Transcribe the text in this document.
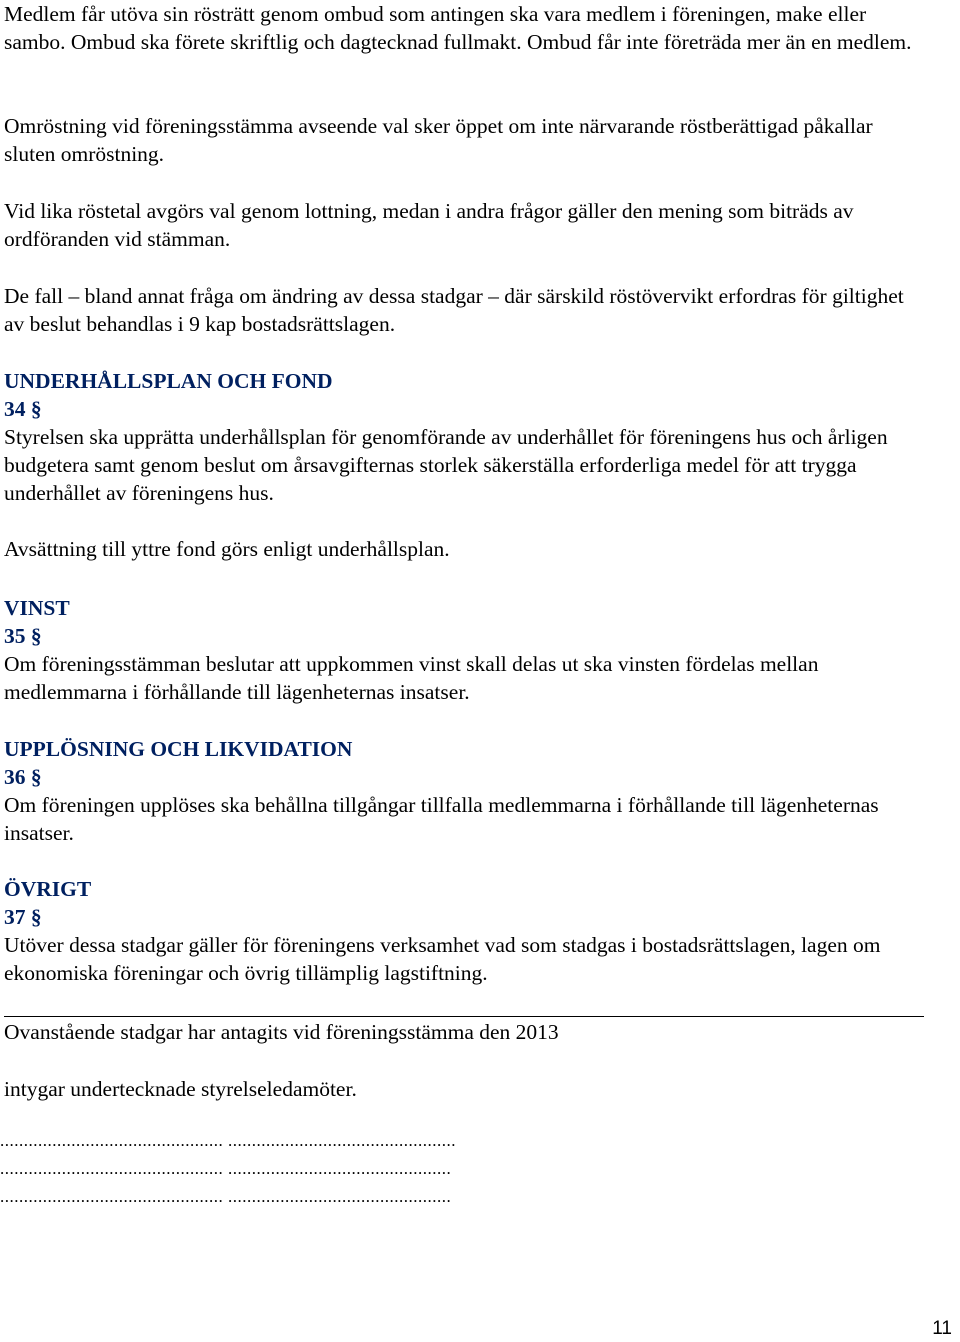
Medlem får utöva sin rösträtt genom ombud som antingen ska vara medlem i föreningen, make eller sambo. Ombud ska förete skriftlig och dagtecknad fullmakt. Ombud får inte företräda mer än en medlem.

Omröstning vid föreningsstämma avseende val sker öppet om inte närvarande röstberättigad påkallar sluten omröstning.

Vid lika röstetal avgörs val genom lottning, medan i andra frågor gäller den mening som biträds av ordföranden vid stämman.

De fall – bland annat fråga om ändring av dessa stadgar – där särskild röstövervikt erfordras för giltighet av beslut behandlas i 9 kap bostadsrättslagen.

UNDERHÅLLSPLAN OCH FOND

34 §

Styrelsen ska upprätta underhållsplan för genomförande av underhållet för föreningens hus och årligen budgetera samt genom beslut om årsavgifternas storlek säkerställa erforderliga medel för att trygga underhållet av föreningens hus.

Avsättning till yttre fond görs enligt underhållsplan.

VINST

35 §

Om föreningsstämman beslutar att uppkommen vinst skall delas ut ska vinsten fördelas mellan medlemmarna i förhållande till lägenheternas insatser.

UPPLÖSNING OCH LIKVIDATION

36 §

Om föreningen upplöses ska behållna tillgångar tillfalla medlemmarna i förhållande till lägenheternas insatser.

ÖVRIGT

37 §

Utöver dessa stadgar gäller för föreningens verksamhet vad som stadgas i bostadsrättslagen, lagen om ekonomiska föreningar och övrig tillämplig lagstiftning.

Ovanstående stadgar har antagits vid föreningsstämma den 2013

intygar undertecknade styrelseledamöter.

............................................... ................................................
............................................... ...............................................
............................................... ...............................................
11
